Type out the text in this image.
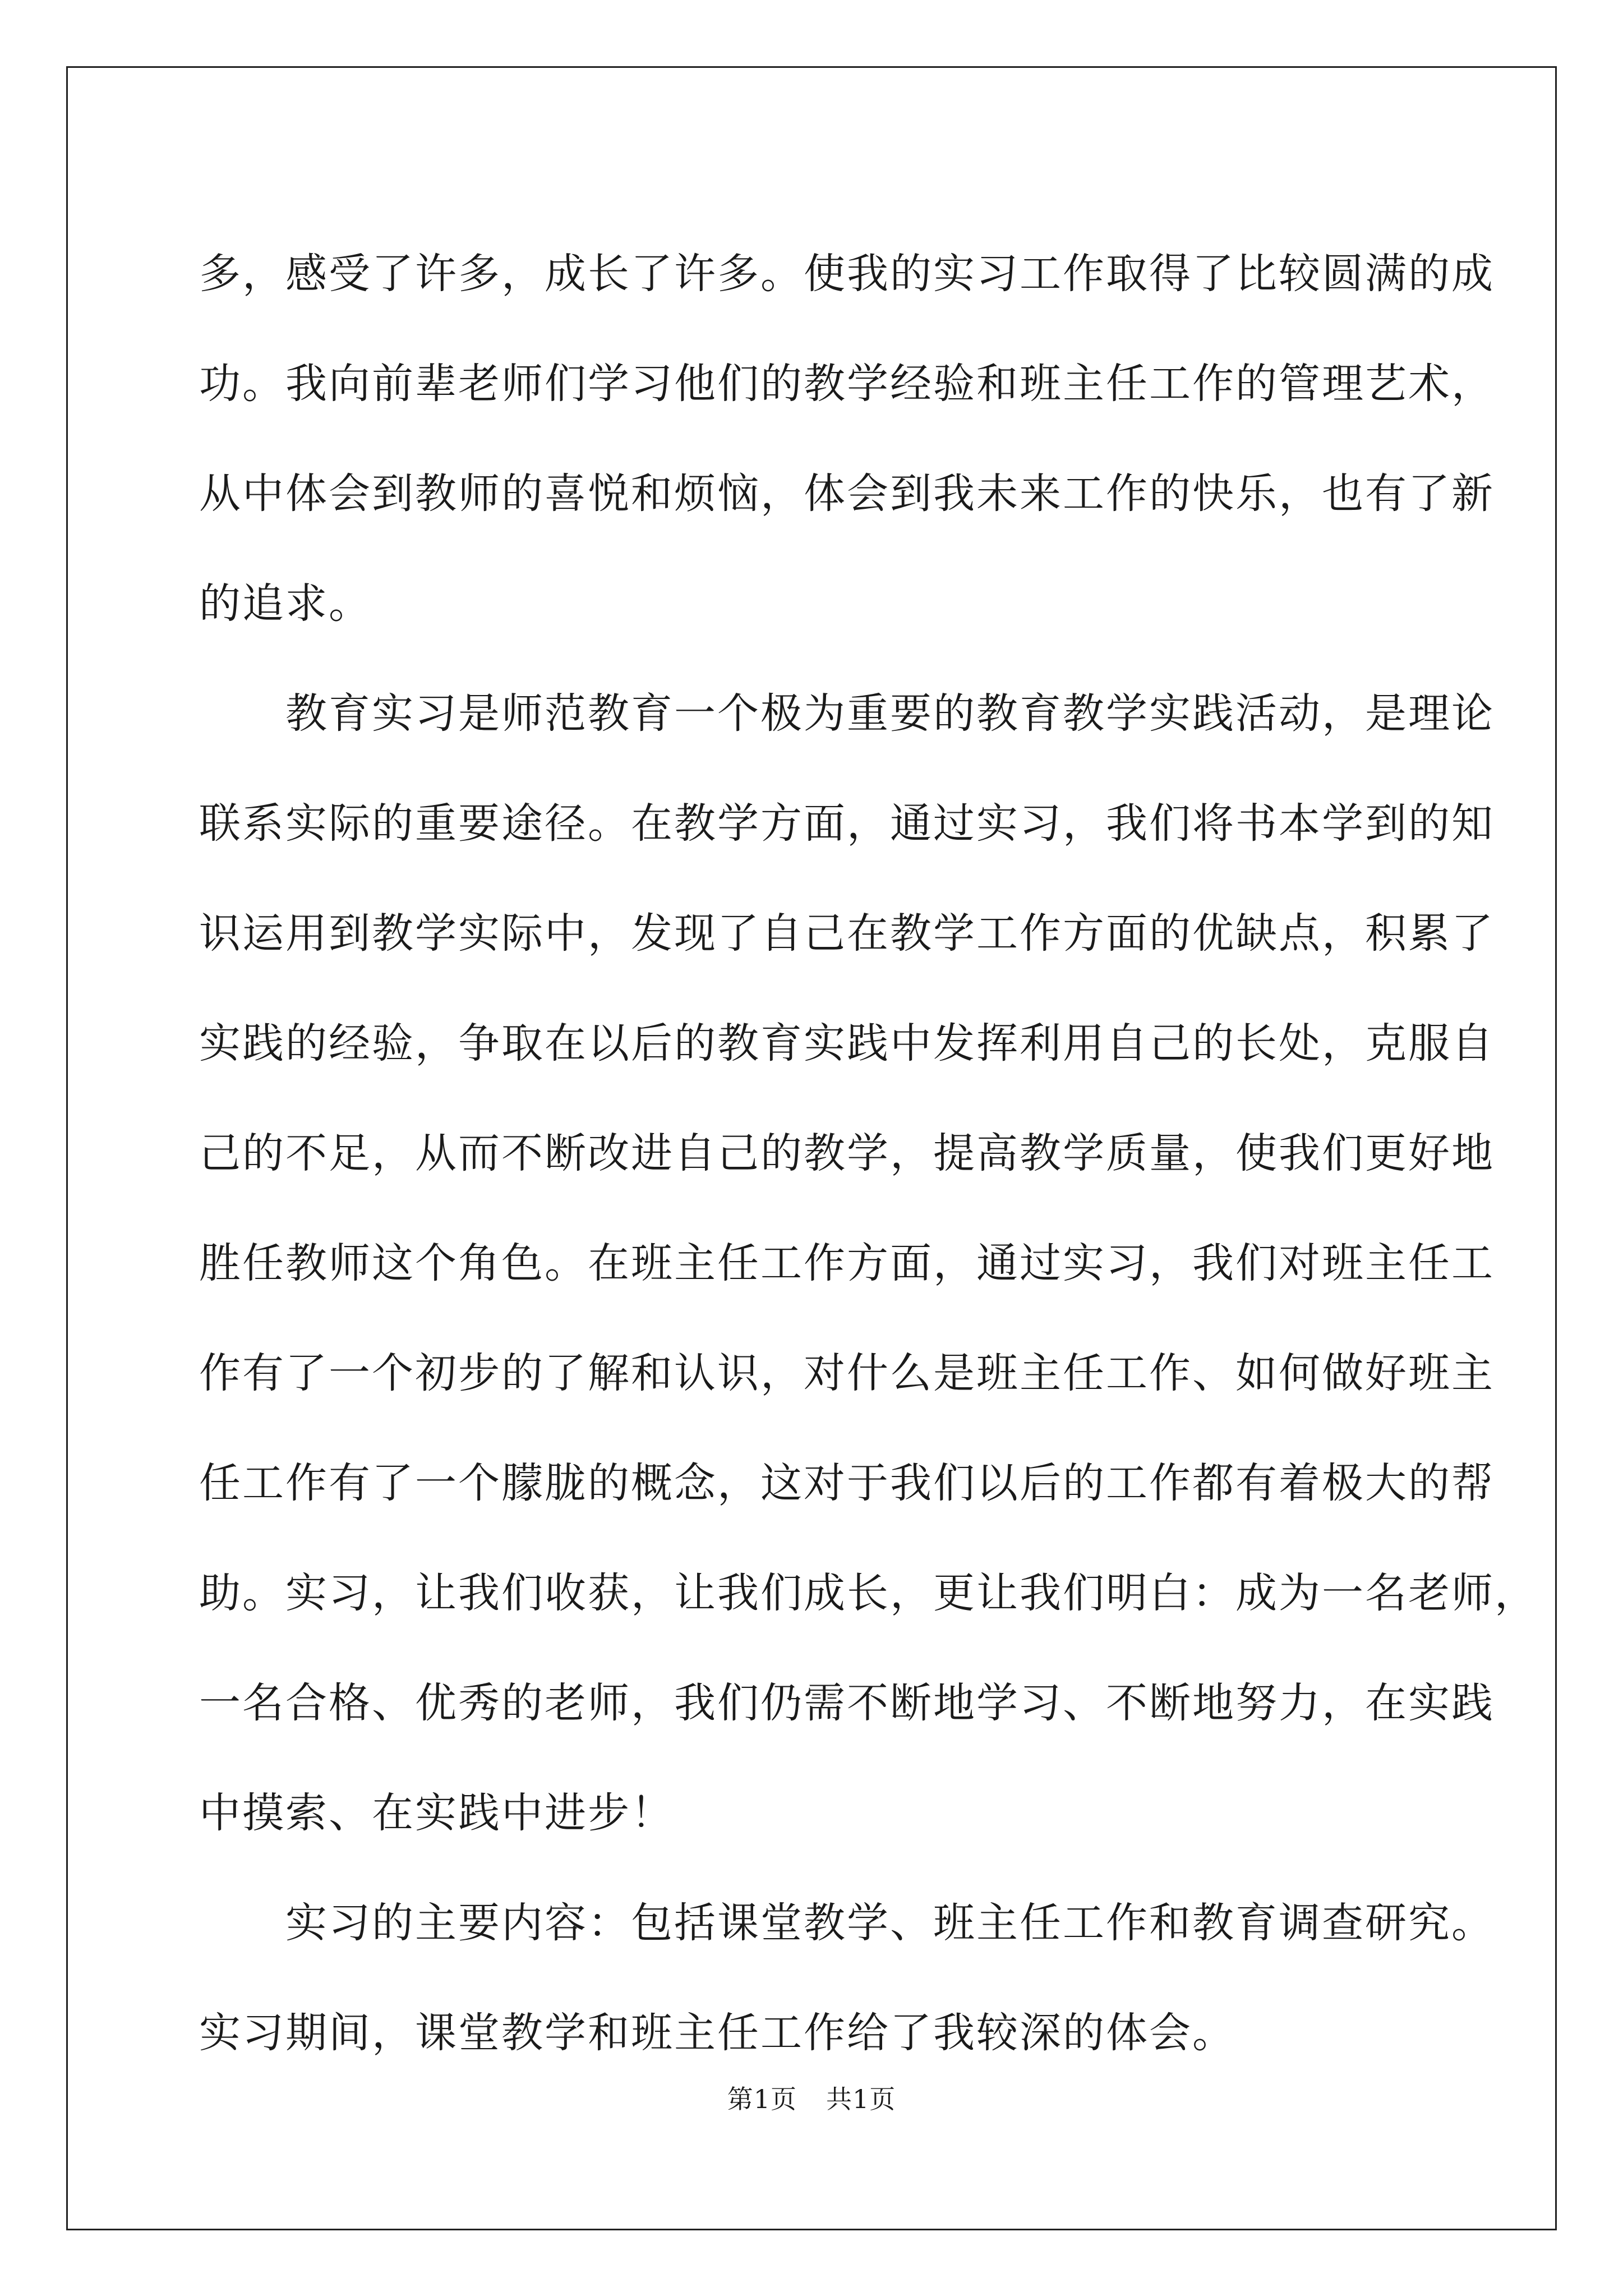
多，感受了许多，成长了许多。使我的实习工作取得了比较圆满的成
功。我向前辈老师们学习他们的教学经验和班主任工作的管理艺术，
从中体会到教师的喜悦和烦恼，体会到我未来工作的快乐，也有了新
的追求。
　　教育实习是师范教育一个极为重要的教育教学实践活动，是理论
联系实际的重要途径。在教学方面，通过实习，我们将书本学到的知
识运用到教学实际中，发现了自己在教学工作方面的优缺点，积累了
实践的经验，争取在以后的教育实践中发挥利用自己的长处，克服自
己的不足，从而不断改进自己的教学，提高教学质量，使我们更好地
胜任教师这个角色。在班主任工作方面，通过实习，我们对班主任工
作有了一个初步的了解和认识，对什么是班主任工作、如何做好班主
任工作有了一个朦胧的概念，这对于我们以后的工作都有着极大的帮
助。实习，让我们收获，让我们成长，更让我们明白：成为一名老师，
一名合格、优秀的老师，我们仍需不断地学习、不断地努力，在实践
中摸索、在实践中进步！
　　实习的主要内容：包括课堂教学、班主任工作和教育调查研究。
实习期间，课堂教学和班主任工作给了我较深的体会。
第1页 共1页
